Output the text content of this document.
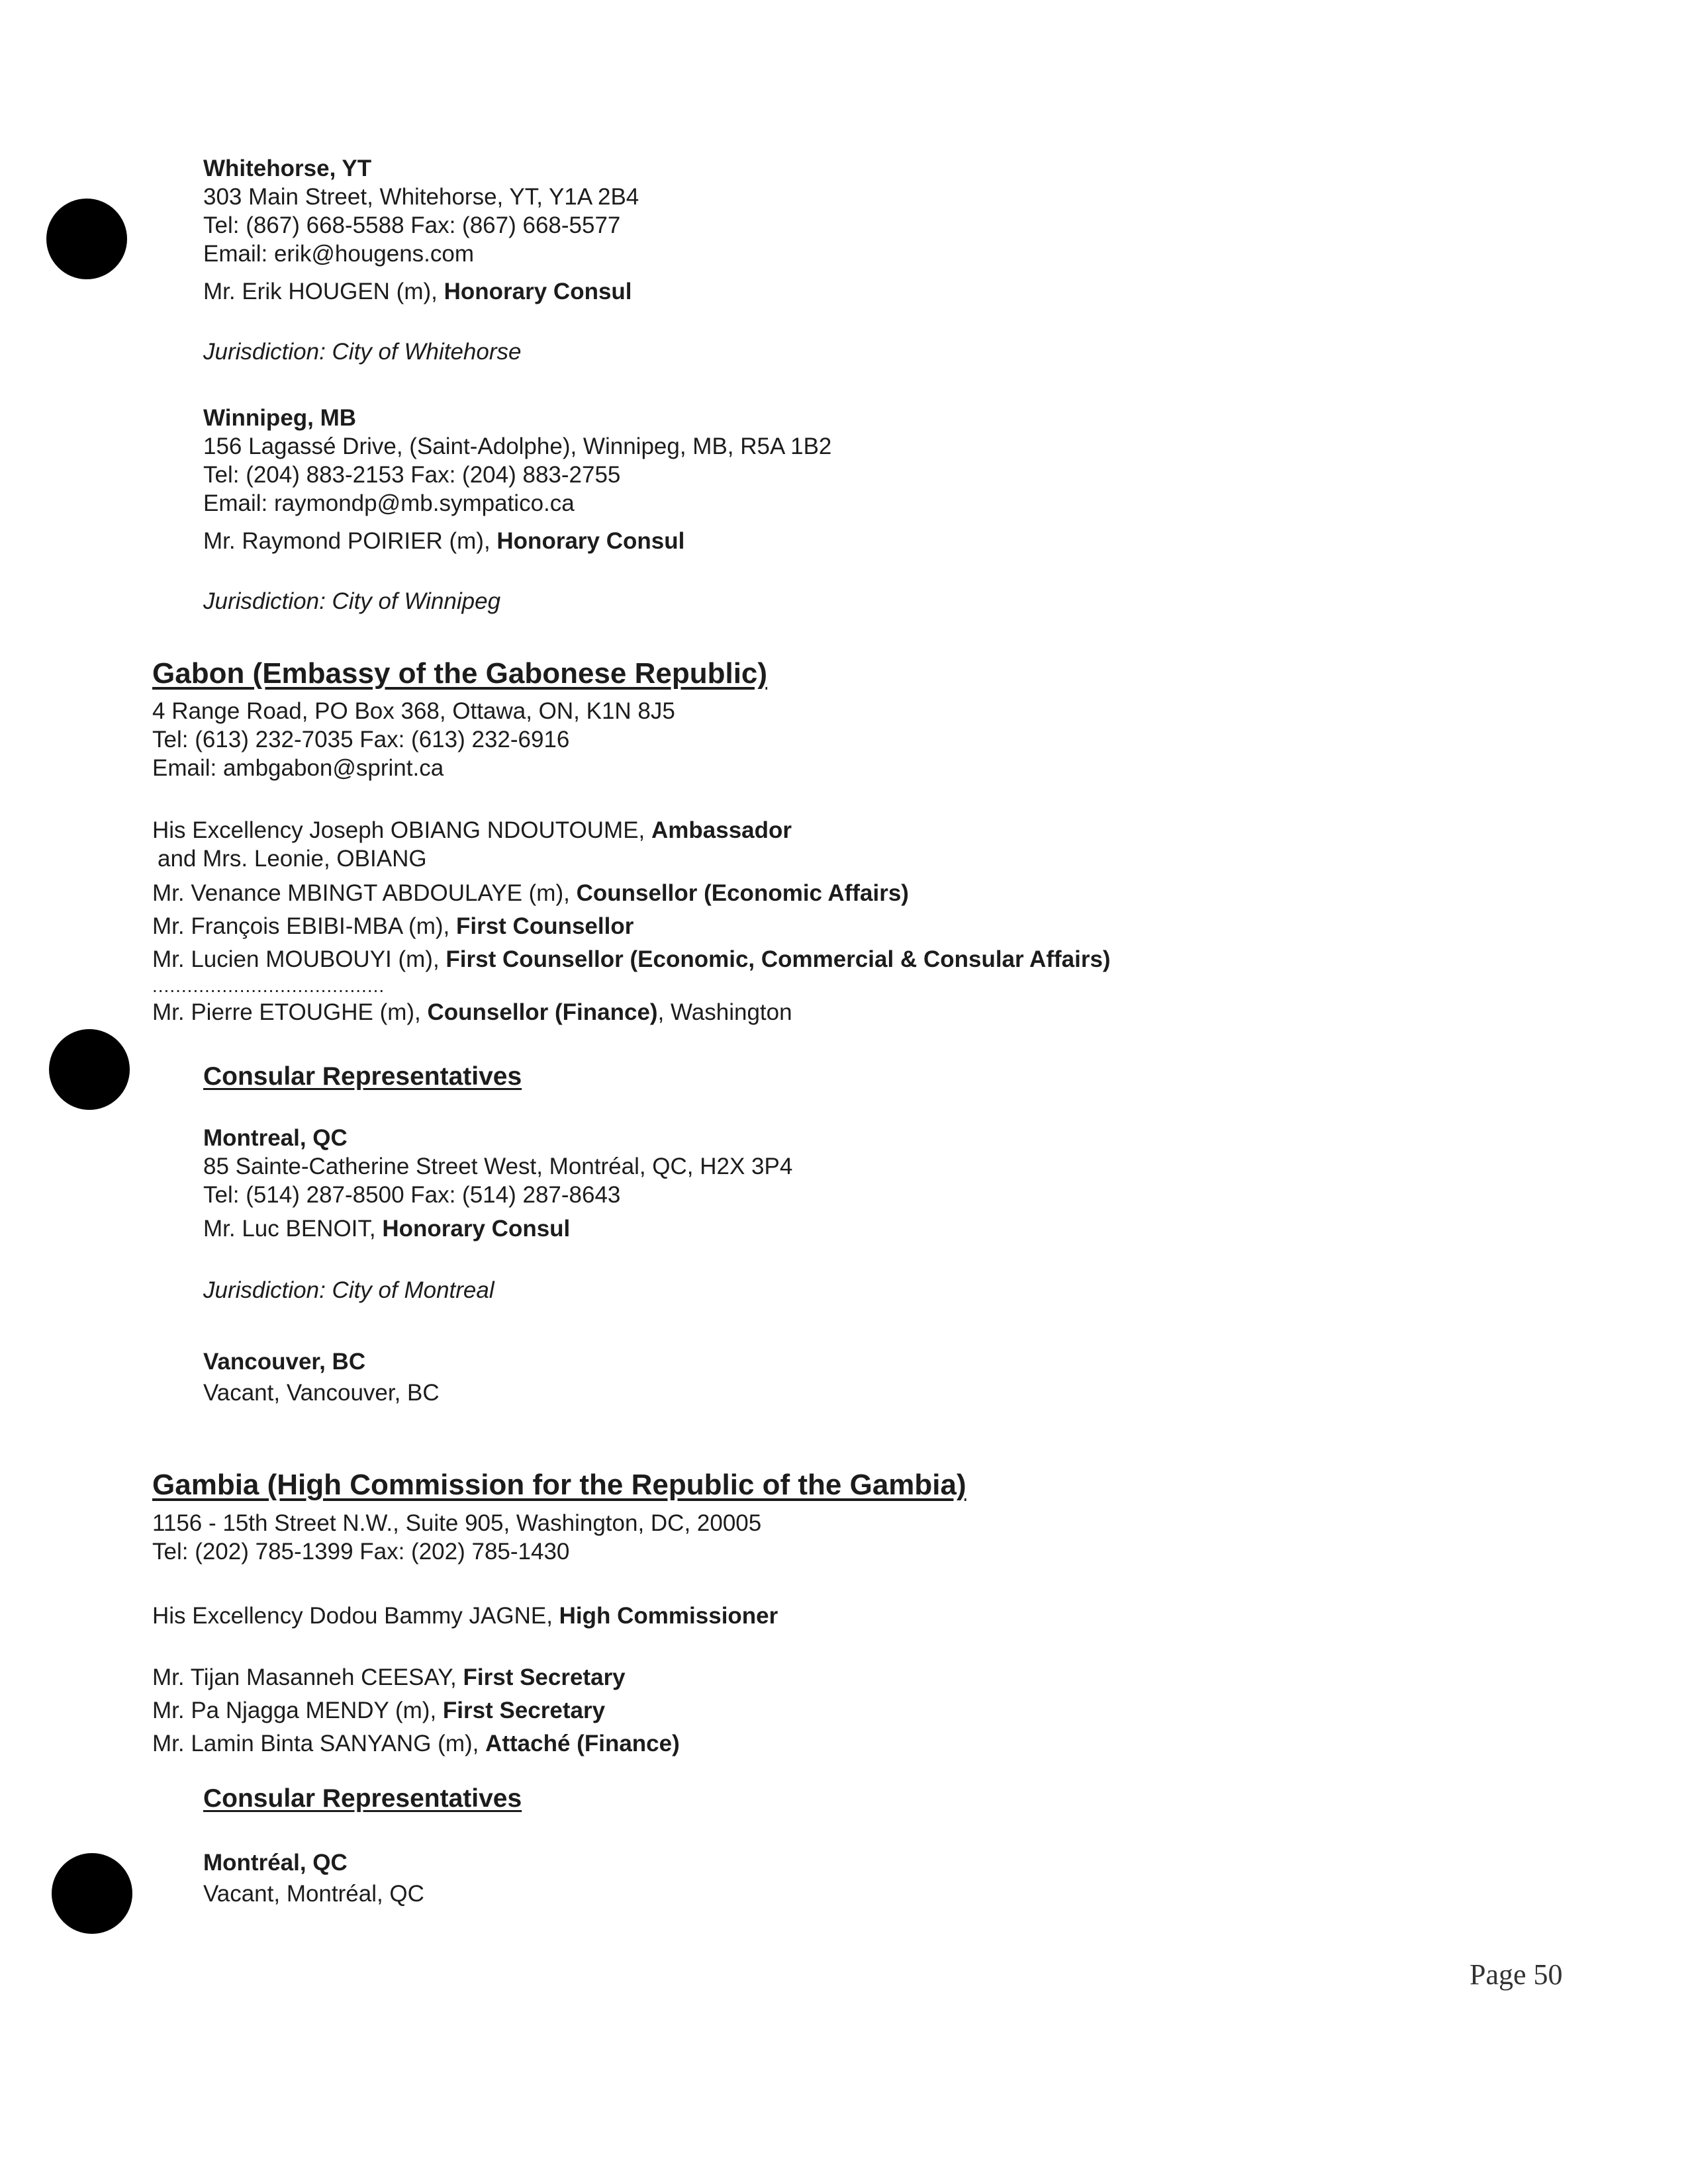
Whitehorse, YT
303 Main Street, Whitehorse, YT, Y1A 2B4
Tel: (867) 668-5588 Fax: (867) 668-5577
Email: erik@hougens.com
Mr. Erik HOUGEN (m), Honorary Consul
Jurisdiction: City of Whitehorse
Winnipeg, MB
156 Lagassé Drive, (Saint-Adolphe), Winnipeg, MB, R5A 1B2
Tel: (204) 883-2153 Fax: (204) 883-2755
Email: raymondp@mb.sympatico.ca
Mr. Raymond POIRIER (m), Honorary Consul
Jurisdiction: City of Winnipeg
Gabon (Embassy of the Gabonese Republic)
4 Range Road, PO Box 368, Ottawa, ON, K1N 8J5
Tel: (613) 232-7035 Fax: (613) 232-6916
Email: ambgabon@sprint.ca
His Excellency Joseph OBIANG NDOUTOUME, Ambassador
and Mrs. Leonie, OBIANG
Mr. Venance MBINGT ABDOULAYE (m), Counsellor (Economic Affairs)
Mr. François EBIBI-MBA (m), First Counsellor
Mr. Lucien MOUBOUYI (m), First Counsellor (Economic, Commercial & Consular Affairs)
........................................
Mr. Pierre ETOUGHE (m), Counsellor (Finance), Washington
Consular Representatives
Montreal, QC
85 Sainte-Catherine Street West, Montréal, QC, H2X 3P4
Tel: (514) 287-8500 Fax: (514) 287-8643
Mr. Luc BENOIT, Honorary Consul
Jurisdiction: City of Montreal
Vancouver, BC
Vacant, Vancouver, BC
Gambia (High Commission for the Republic of the Gambia)
1156 - 15th Street N.W., Suite 905, Washington, DC, 20005
Tel: (202) 785-1399 Fax: (202) 785-1430
His Excellency Dodou Bammy JAGNE, High Commissioner
Mr. Tijan Masanneh CEESAY, First Secretary
Mr. Pa Njagga MENDY (m), First Secretary
Mr. Lamin Binta SANYANG (m), Attaché (Finance)
Consular Representatives
Montréal, QC
Vacant, Montréal, QC
Page 50
